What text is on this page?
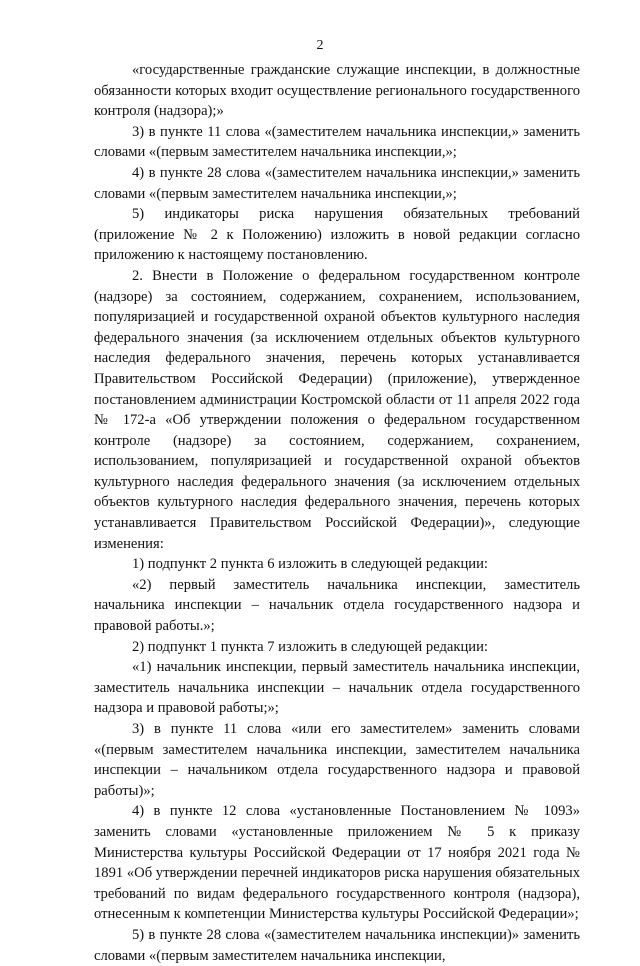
2

«государственные гражданские служащие инспекции, в должностные обязанности которых входит осуществление регионального государственного контроля (надзора);»

3) в пункте 11 слова «(заместителем начальника инспекции,» заменить словами «(первым заместителем начальника инспекции,»;

4) в пункте 28 слова «(заместителем начальника инспекции,» заменить словами «(первым заместителем начальника инспекции,»;

5) индикаторы риска нарушения обязательных требований (приложение № 2 к Положению) изложить в новой редакции согласно приложению к настоящему постановлению.

2. Внести в Положение о федеральном государственном контроле (надзоре) за состоянием, содержанием, сохранением, использованием, популяризацией и государственной охраной объектов культурного наследия федерального значения (за исключением отдельных объектов культурного наследия федерального значения, перечень которых устанавливается Правительством Российской Федерации) (приложение), утвержденное постановлением администрации Костромской области от 11 апреля 2022 года № 172-а «Об утверждении положения о федеральном государственном контроле (надзоре) за состоянием, содержанием, сохранением, использованием, популяризацией и государственной охраной объектов культурного наследия федерального значения (за исключением отдельных объектов культурного наследия федерального значения, перечень которых устанавливается Правительством Российской Федерации)», следующие изменения:

1) подпункт 2 пункта 6 изложить в следующей редакции:

«2) первый заместитель начальника инспекции, заместитель начальника инспекции – начальник отдела государственного надзора и правовой работы.»;

2) подпункт 1 пункта 7 изложить в следующей редакции:

«1) начальник инспекции, первый заместитель начальника инспекции, заместитель начальника инспекции – начальник отдела государственного надзора и правовой работы;»;

3) в пункте 11 слова «или его заместителем» заменить словами «(первым заместителем начальника инспекции, заместителем начальника инспекции – начальником отдела государственного надзора и правовой работы)»;

4) в пункте 12 слова «установленные Постановлением № 1093» заменить словами «установленные приложением № 5 к приказу Министерства культуры Российской Федерации от 17 ноября 2021 года № 1891 «Об утверждении перечней индикаторов риска нарушения обязательных требований по видам федерального государственного контроля (надзора), отнесенным к компетенции Министерства культуры Российской Федерации»;

5) в пункте 28 слова «(заместителем начальника инспекции)» заменить словами «(первым заместителем начальника инспекции,
